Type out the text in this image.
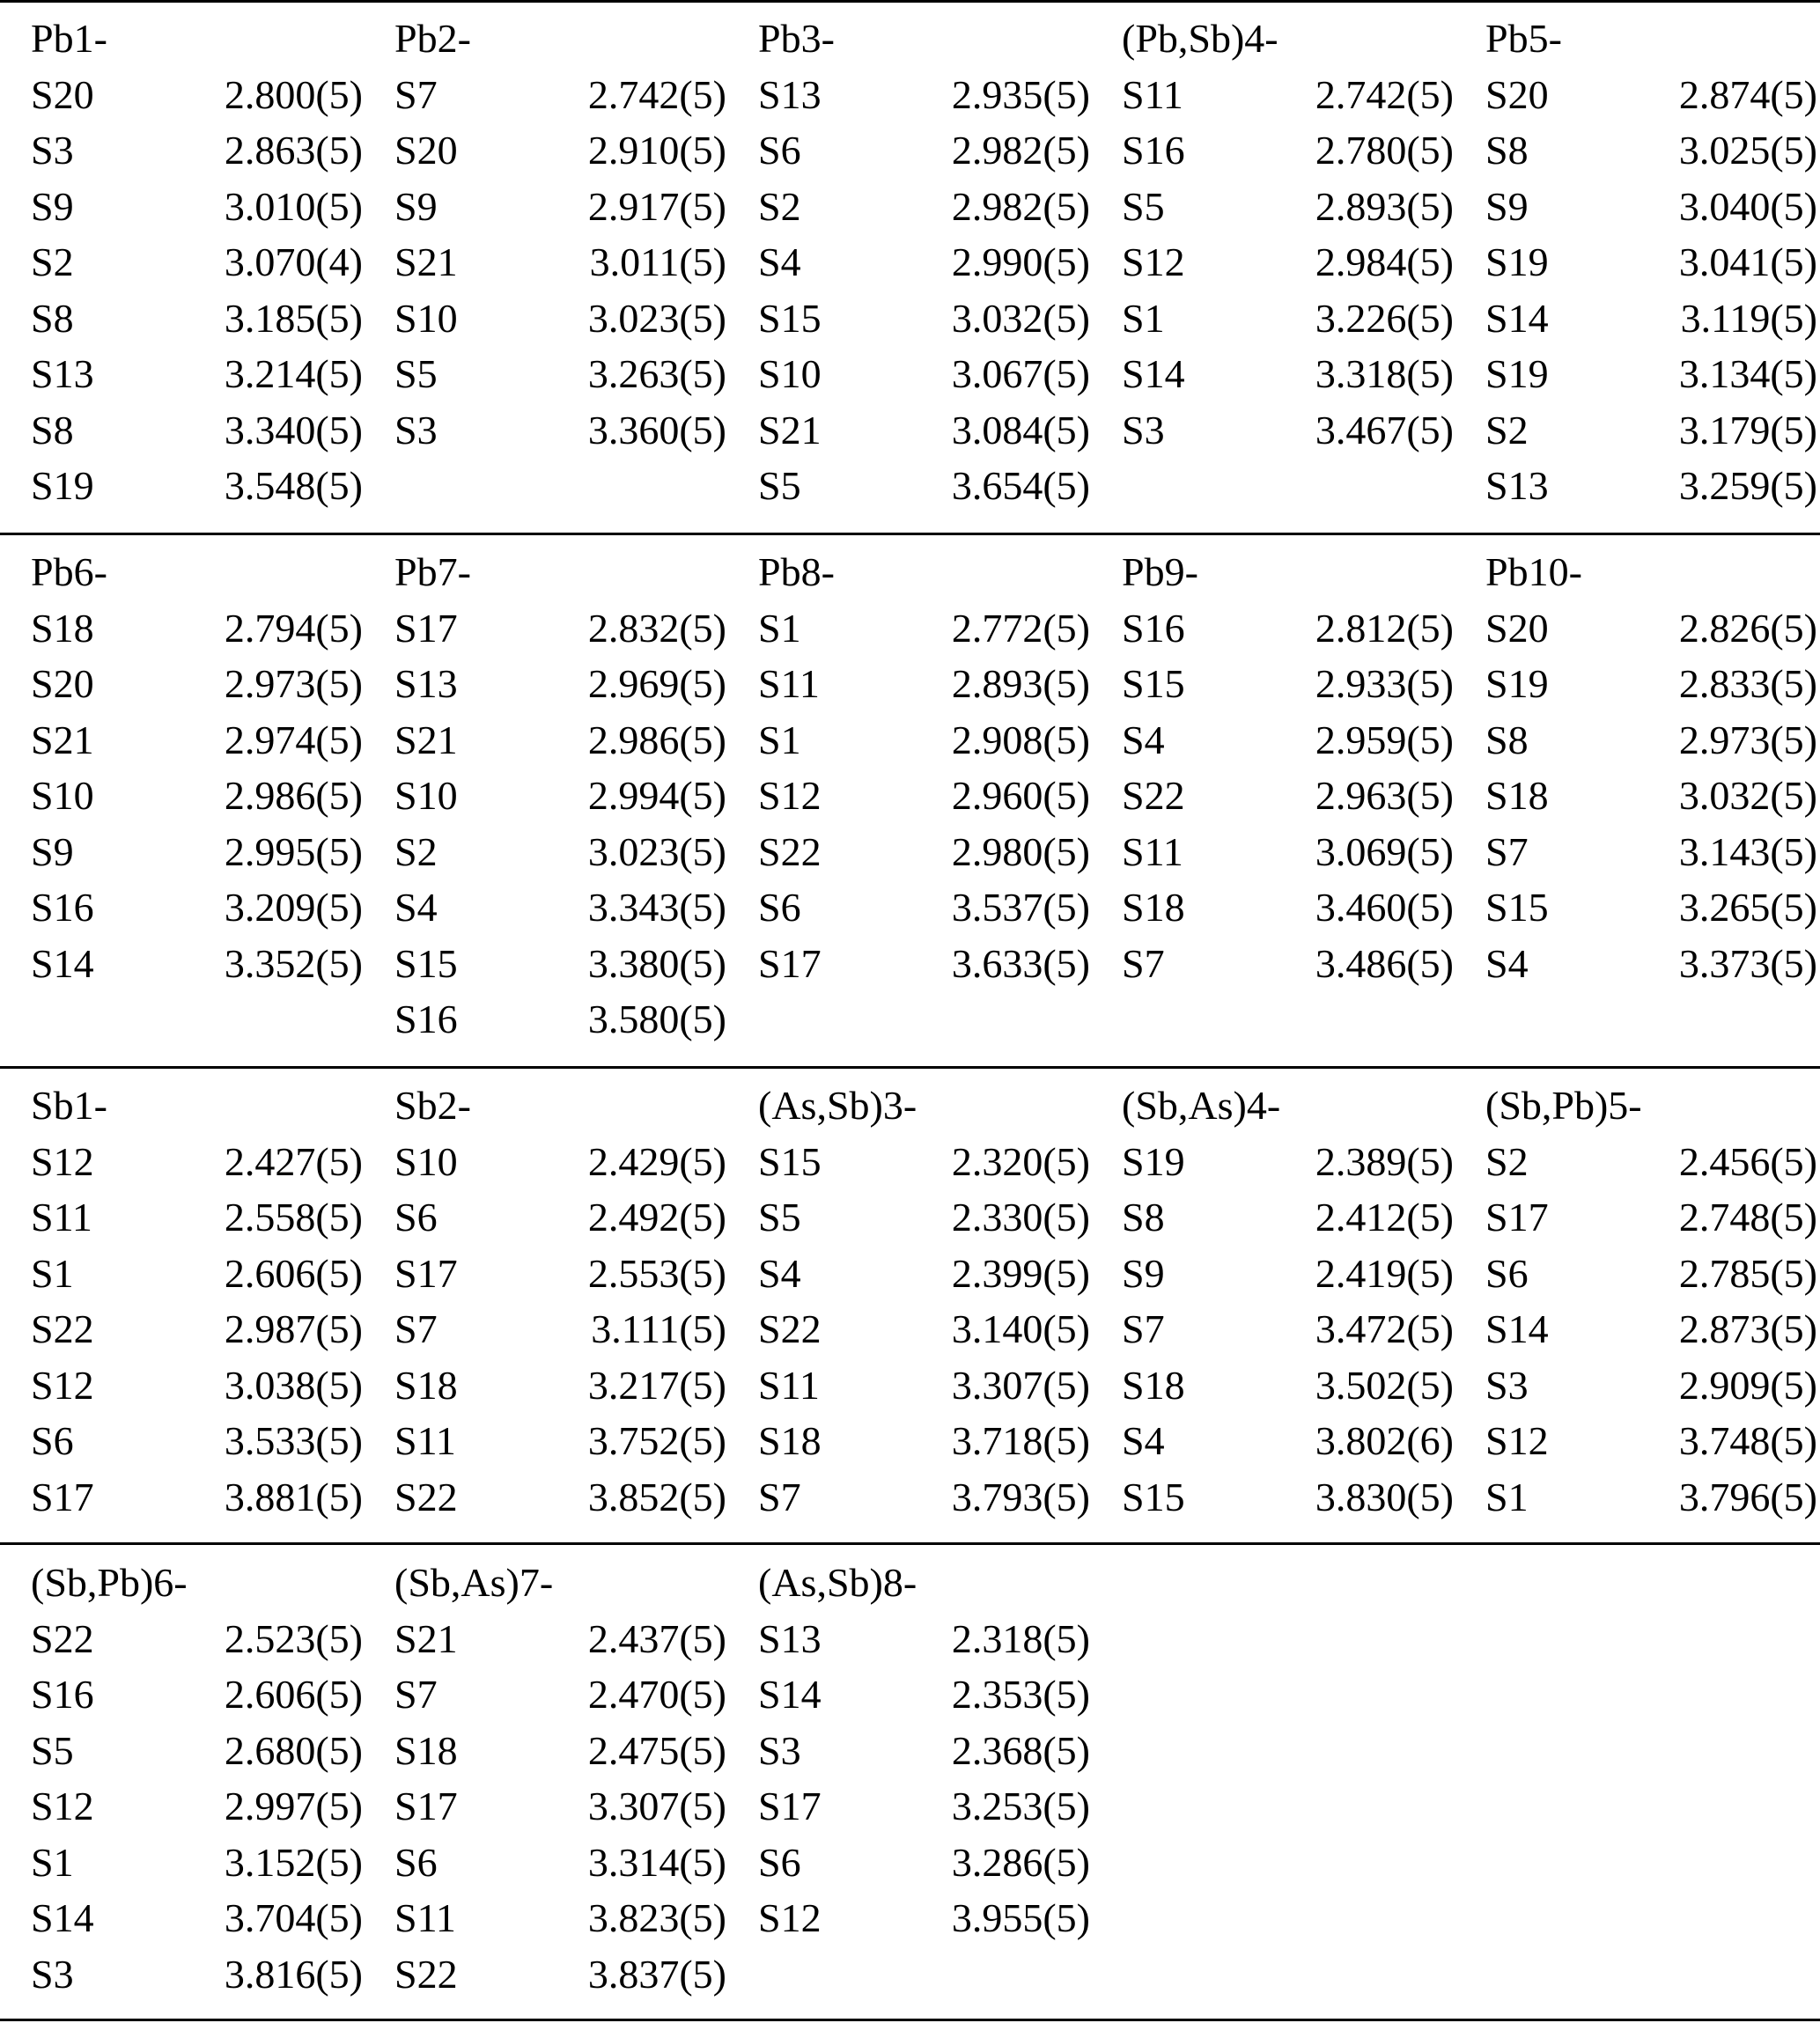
Pb1-
S20	2.800(5)
S3	2.863(5)
S9	3.010(5)
S2	3.070(4)
S8	3.185(5)
S13	3.214(5)
S8	3.340(5)
S19	3.548(5)
Pb2-
S7	2.742(5)
S20	2.910(5)
S9	2.917(5)
S21	3.011(5)
S10	3.023(5)
S5	3.263(5)
S3	3.360(5)
Pb3-
S13	2.935(5)
S6	2.982(5)
S2	2.982(5)
S4	2.990(5)
S15	3.032(5)
S10	3.067(5)
S21	3.084(5)
S5	3.654(5)
(Pb,Sb)4-
S11	2.742(5)
S16	2.780(5)
S5	2.893(5)
S12	2.984(5)
S1	3.226(5)
S14	3.318(5)
S3	3.467(5)
Pb5-
S20	2.874(5)
S8	3.025(5)
S9	3.040(5)
S19	3.041(5)
S14	3.119(5)
S19	3.134(5)
S2	3.179(5)
S13	3.259(5)
Pb6-
S18	2.794(5)
S20	2.973(5)
S21	2.974(5)
S10	2.986(5)
S9	2.995(5)
S16	3.209(5)
S14	3.352(5)
Pb7-
S17	2.832(5)
S13	2.969(5)
S21	2.986(5)
S10	2.994(5)
S2	3.023(5)
S4	3.343(5)
S15	3.380(5)
S16	3.580(5)
Pb8-
S1	2.772(5)
S11	2.893(5)
S1	2.908(5)
S12	2.960(5)
S22	2.980(5)
S6	3.537(5)
S17	3.633(5)
Pb9-
S16	2.812(5)
S15	2.933(5)
S4	2.959(5)
S22	2.963(5)
S11	3.069(5)
S18	3.460(5)
S7	3.486(5)
Pb10-
S20	2.826(5)
S19	2.833(5)
S8	2.973(5)
S18	3.032(5)
S7	3.143(5)
S15	3.265(5)
S4	3.373(5)
Sb1-
S12	2.427(5)
S11	2.558(5)
S1	2.606(5)
S22	2.987(5)
S12	3.038(5)
S6	3.533(5)
S17	3.881(5)
Sb2-
S10	2.429(5)
S6	2.492(5)
S17	2.553(5)
S7	3.111(5)
S18	3.217(5)
S11	3.752(5)
S22	3.852(5)
(As,Sb)3-
S15	2.320(5)
S5	2.330(5)
S4	2.399(5)
S22	3.140(5)
S11	3.307(5)
S18	3.718(5)
S7	3.793(5)
(Sb,As)4-
S19	2.389(5)
S8	2.412(5)
S9	2.419(5)
S7	3.472(5)
S18	3.502(5)
S4	3.802(6)
S15	3.830(5)
(Sb,Pb)5-
S2	2.456(5)
S17	2.748(5)
S6	2.785(5)
S14	2.873(5)
S3	2.909(5)
S12	3.748(5)
S1	3.796(5)
(Sb,Pb)6-
S22	2.523(5)
S16	2.606(5)
S5	2.680(5)
S12	2.997(5)
S1	3.152(5)
S14	3.704(5)
S3	3.816(5)
(Sb,As)7-
S21	2.437(5)
S7	2.470(5)
S18	2.475(5)
S17	3.307(5)
S6	3.314(5)
S11	3.823(5)
S22	3.837(5)
(As,Sb)8-
S13	2.318(5)
S14	2.353(5)
S3	2.368(5)
S17	3.253(5)
S6	3.286(5)
S12	3.955(5)
